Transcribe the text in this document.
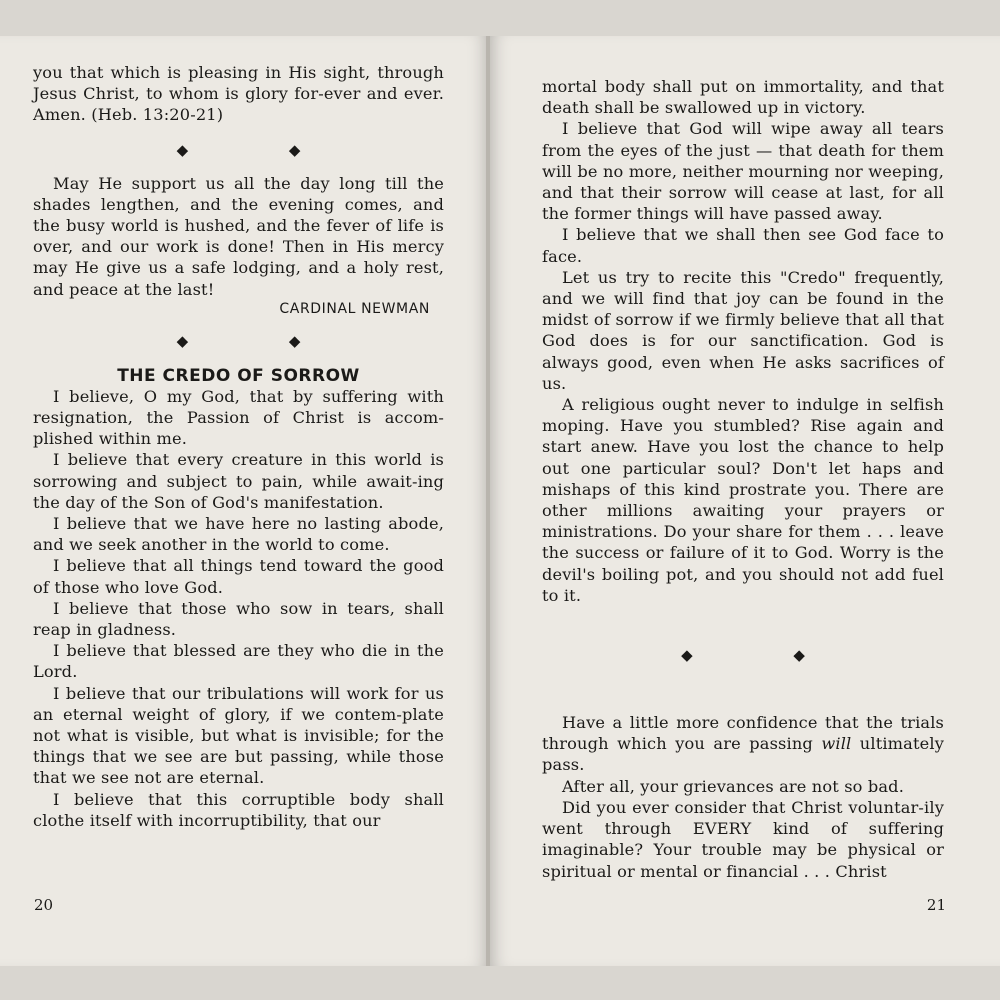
you that which is pleasing in His sight, through Jesus Christ, to whom is glory for-ever and ever. Amen. (Heb. 13:20-21)

◆ ◆

May He support us all the day long till the shades lengthen, and the evening comes, and the busy world is hushed, and the fever of life is over, and our work is done! Then in His mercy may He give us a safe lodging, and a holy rest, and peace at the last!

CARDINAL NEWMAN
◆ ◆
THE CREDO OF SORROW

I believe, O my God, that by suffering with resignation, the Passion of Christ is accom-plished within me.

I believe that every creature in this world is sorrowing and subject to pain, while await-ing the day of the Son of God's manifestation.

I believe that we have here no lasting abode, and we seek another in the world to come.

I believe that all things tend toward the good of those who love God.

I believe that those who sow in tears, shall reap in gladness.

I believe that blessed are they who die in the Lord.

I believe that our tribulations will work for us an eternal weight of glory, if we contem-plate not what is visible, but what is invisible; for the things that we see are but passing, while those that we see not are eternal.

I believe that this corruptible body shall clothe itself with incorruptibility, that our

20

mortal body shall put on immortality, and that death shall be swallowed up in victory.

I believe that God will wipe away all tears from the eyes of the just — that death for them will be no more, neither mourning nor weeping, and that their sorrow will cease at last, for all the former things will have passed away.

I believe that we shall then see God face to face.

Let us try to recite this "Credo" frequently, and we will find that joy can be found in the midst of sorrow if we firmly believe that all that God does is for our sanctification. God is always good, even when He asks sacrifices of us.

A religious ought never to indulge in selfish moping. Have you stumbled? Rise again and start anew. Have you lost the chance to help out one particular soul? Don't let haps and mishaps of this kind prostrate you. There are other millions awaiting your prayers or ministrations. Do your share for them . . . leave the success or failure of it to God. Worry is the devil's boiling pot, and you should not add fuel to it.

◆ ◆

Have a little more confidence that the trials through which you are passing will ultimately pass.

After all, your grievances are not so bad.

Did you ever consider that Christ voluntar-ily went through EVERY kind of suffering imaginable? Your trouble may be physical or spiritual or mental or financial . . . Christ

21
